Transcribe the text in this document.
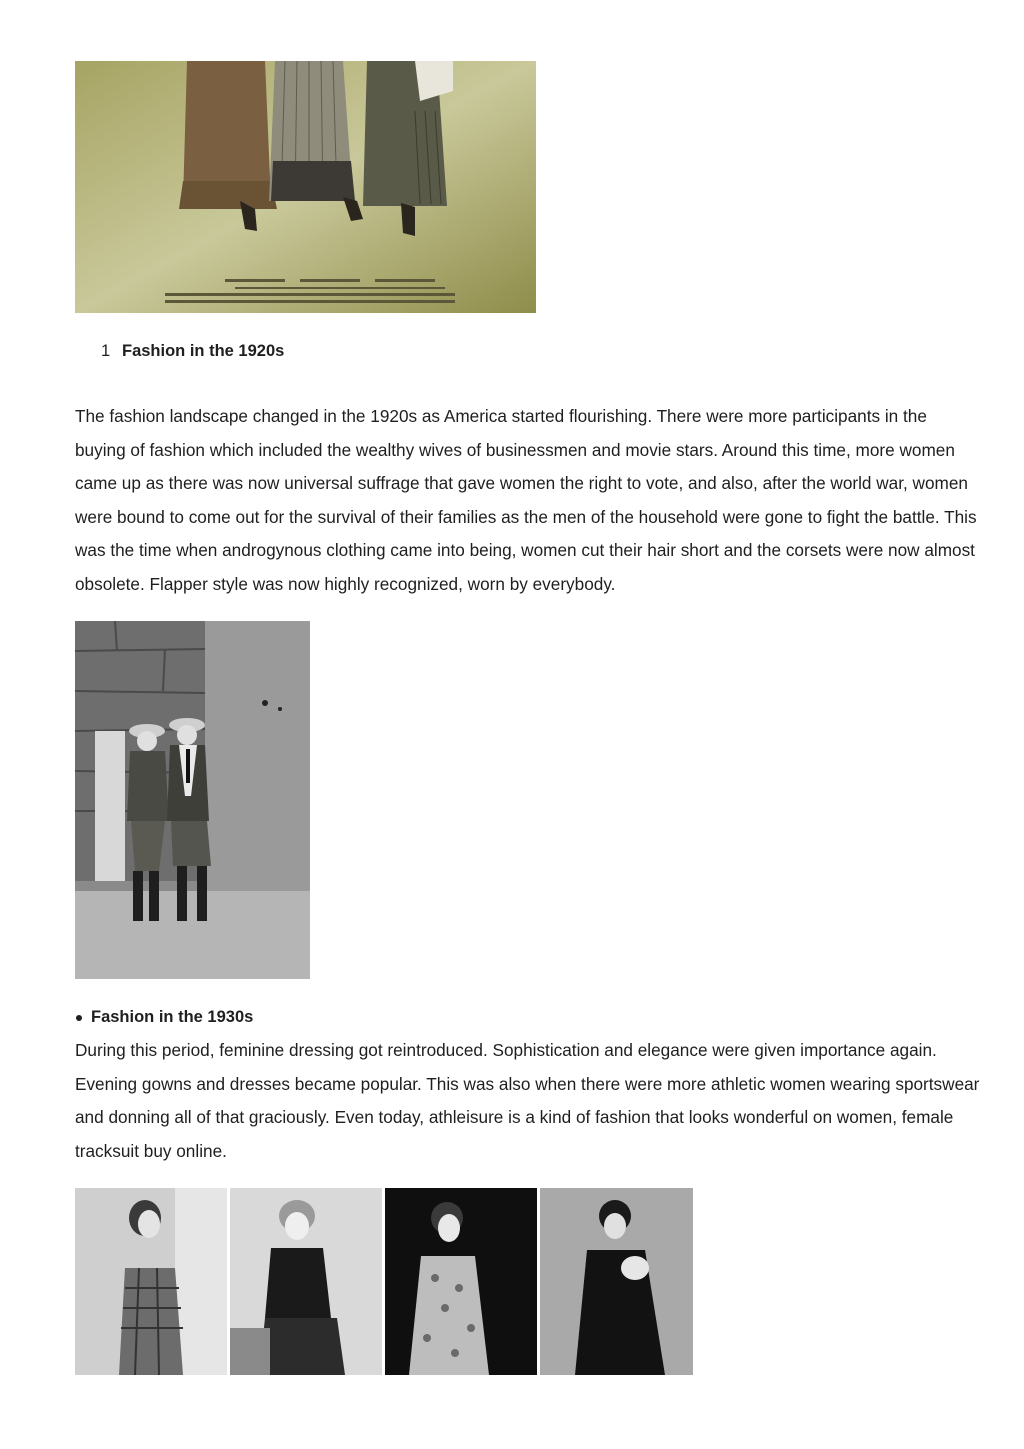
1 Fashion in the 1920s

The fashion landscape changed in the 1920s as America started flourishing. There were more participants in the buying of fashion which included the wealthy wives of businessmen and movie stars. Around this time, more women came up as there was now universal suffrage that gave women the right to vote, and also, after the world war, women were bound to come out for the survival of their families as the men of the household were gone to fight the battle. This was the time when androgynous clothing came into being, women cut their hair short and the corsets were now almost obsolete. Flapper style was now highly recognized, worn by everybody.

Fashion in the 1930s

During this period, feminine dressing got reintroduced. Sophistication and elegance were given importance again. Evening gowns and dresses became popular. This was also when there were more athletic women wearing sportswear and donning all of that graciously. Even today, athleisure is a kind of fashion that looks wonderful on women, female tracksuit buy online.
